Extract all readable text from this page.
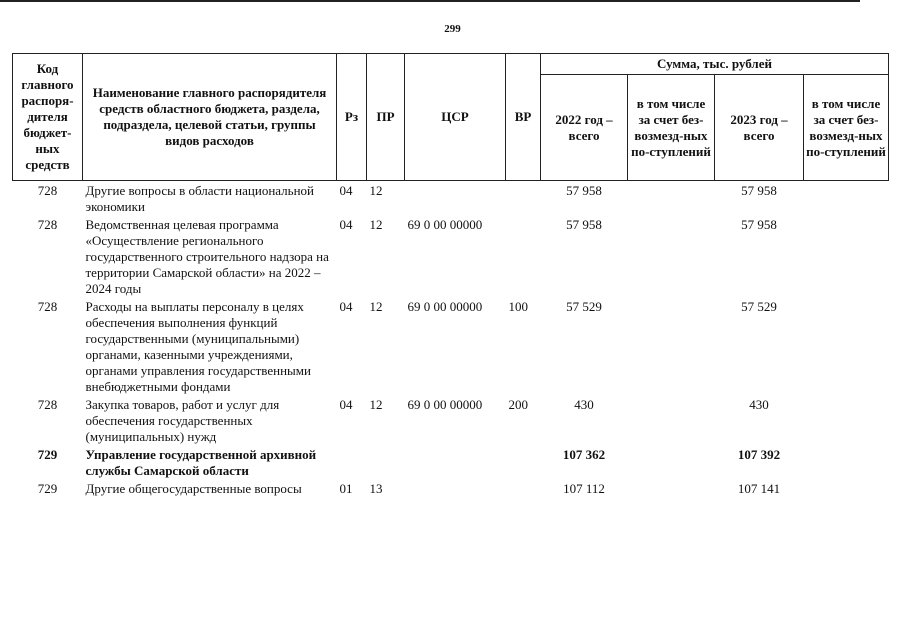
299
Код главного распоря-дителя бюджет-ных средств	Наименование главного распорядителя средств областного бюджета, раздела, подраздела, целевой статьи, группы видов расходов	Рз	ПР	ЦСР	ВР	Сумма, тыс. рублей			
						2022 год – всего	в том числе за счет без-возмезд-ных по-ступлений	2023 год – всего	в том числе за счет без-возмезд-ных по-ступлений
728	Другие вопросы в области национальной экономики	04	12			57 958		57 958	
728	Ведомственная целевая программа «Осуществление регионального государственного строительного надзора на территории Самарской области» на 2022 – 2024 годы	04	12	69 0 00 00000		57 958		57 958	
728	Расходы на выплаты персоналу в целях обеспечения выполнения функций государственными (муниципальными) органами, казенными учреждениями, органами управления государственными внебюджетными фондами	04	12	69 0 00 00000	100	57 529		57 529	
728	Закупка товаров, работ и услуг для обеспечения государственных (муниципальных) нужд	04	12	69 0 00 00000	200	430		430	
729	Управление государственной архивной службы Самарской области					107 362		107 392	
729	Другие общегосударственные вопросы	01	13			107 112		107 141	
